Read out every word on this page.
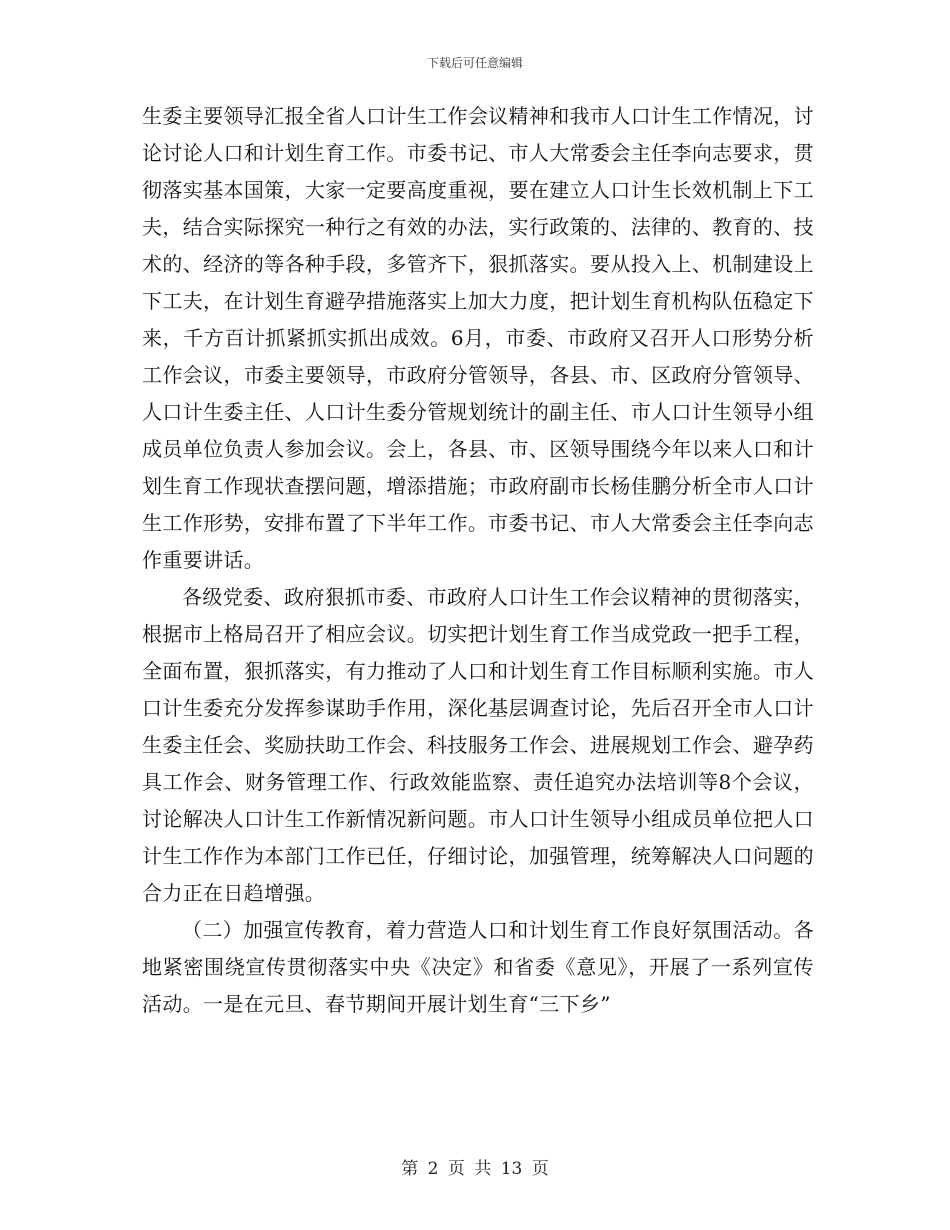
下载后可任意编辑

生委主要领导汇报全省人口计生工作会议精神和我市人口计生工作情况，讨论讨论人口和计划生育工作。市委书记、市人大常委会主任李向志要求，贯彻落实基本国策，大家一定要高度重视，要在建立人口计生长效机制上下工夫，结合实际探究一种行之有效的办法，实行政策的、法律的、教育的、技术的、经济的等各种手段，多管齐下，狠抓落实。要从投入上、机制建设上下工夫，在计划生育避孕措施落实上加大力度，把计划生育机构队伍稳定下来，千方百计抓紧抓实抓出成效。6月，市委、市政府又召开人口形势分析工作会议，市委主要领导，市政府分管领导，各县、市、区政府分管领导、人口计生委主任、人口计生委分管规划统计的副主任、市人口计生领导小组成员单位负责人参加会议。会上，各县、市、区领导围绕今年以来人口和计划生育工作现状查摆问题，增添措施；市政府副市长杨佳鹏分析全市人口计生工作形势，安排布置了下半年工作。市委书记、市人大常委会主任李向志作重要讲话。

各级党委、政府狠抓市委、市政府人口计生工作会议精神的贯彻落实，根据市上格局召开了相应会议。切实把计划生育工作当成党政一把手工程，全面布置，狠抓落实，有力推动了人口和计划生育工作目标顺利实施。市人口计生委充分发挥参谋助手作用，深化基层调查讨论，先后召开全市人口计生委主任会、奖励扶助工作会、科技服务工作会、进展规划工作会、避孕药具工作会、财务管理工作、行政效能监察、责任追究办法培训等8个会议，讨论解决人口计生工作新情况新问题。市人口计生领导小组成员单位把人口计生工作作为本部门工作已任，仔细讨论，加强管理，统筹解决人口问题的合力正在日趋增强。

（二）加强宣传教育，着力营造人口和计划生育工作良好氛围活动。各地紧密围绕宣传贯彻落实中央《决定》和省委《意见》，开展了一系列宣传活动。一是在元旦、春节期间开展计划生育“三下乡”

第 2 页 共 13 页
